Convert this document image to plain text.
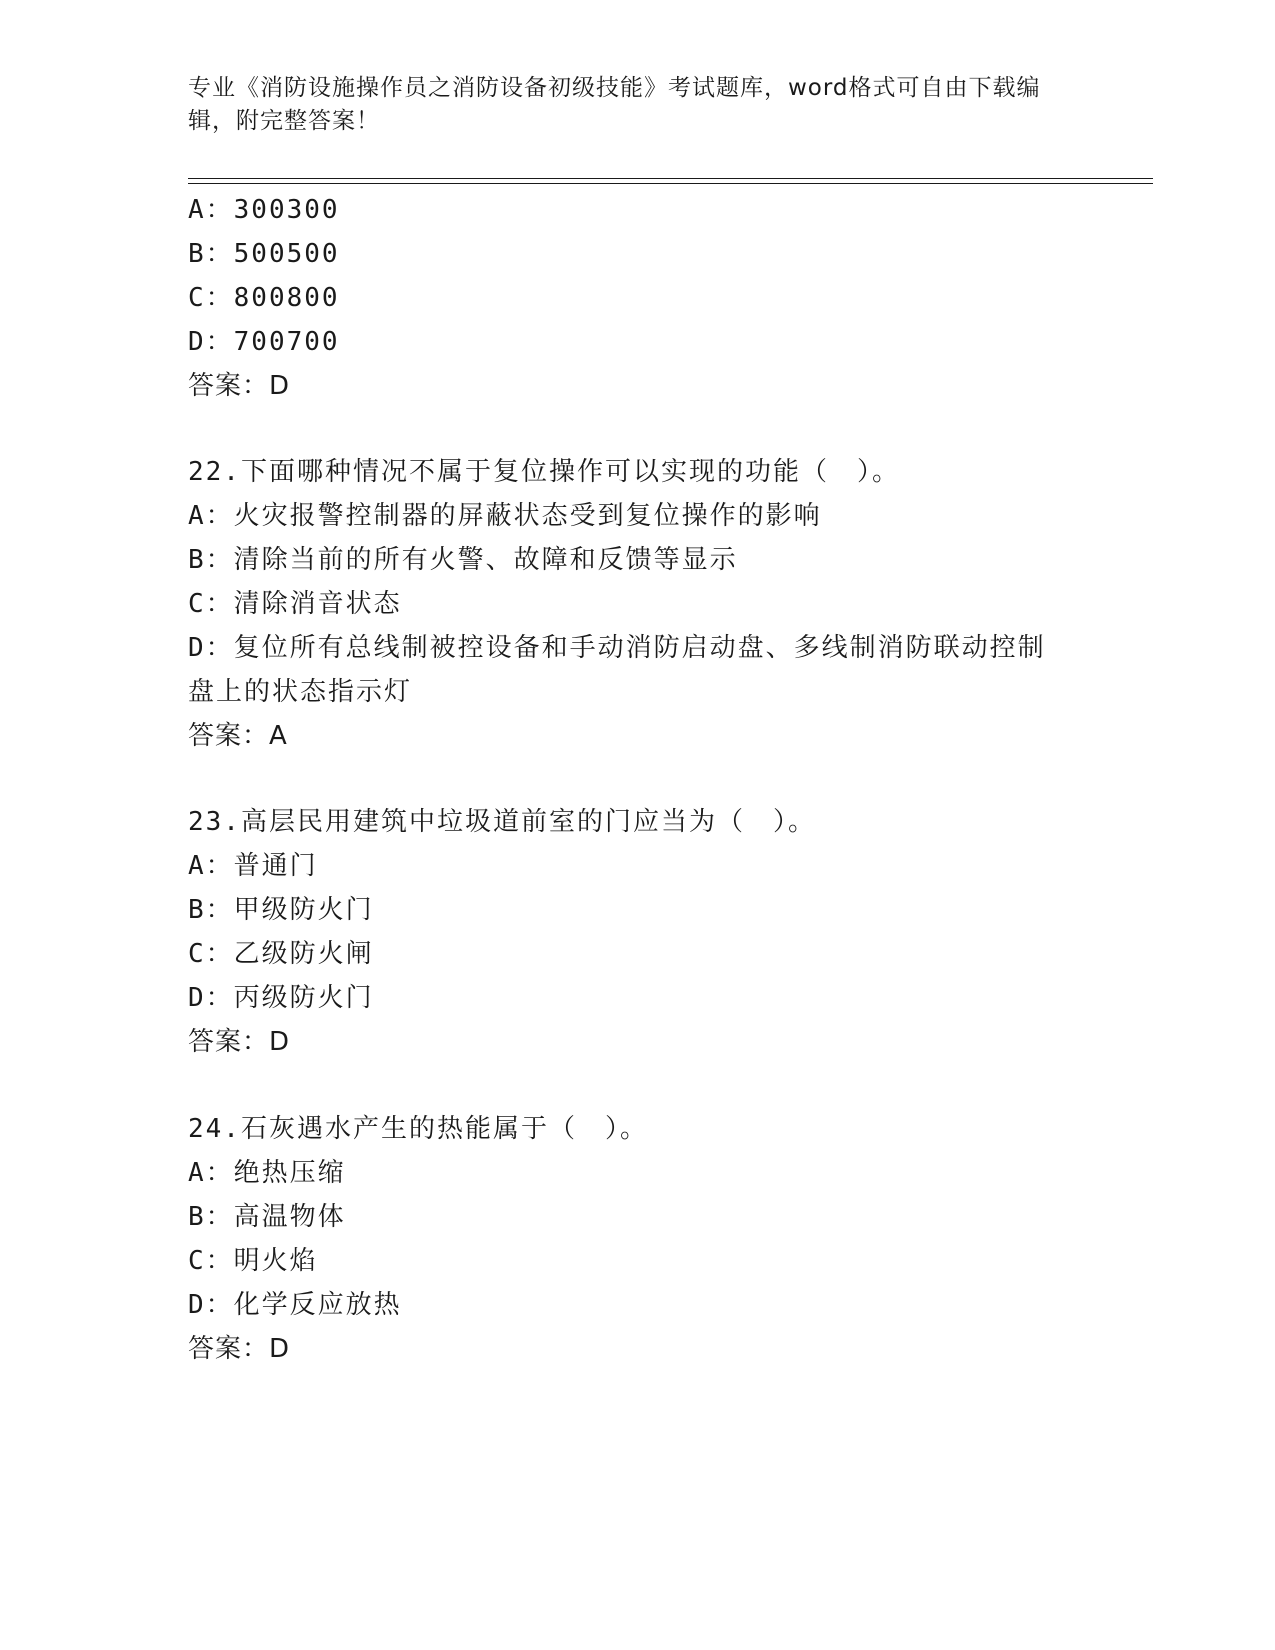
专业《消防设施操作员之消防设备初级技能》考试题库，word格式可自由下载编
辑，附完整答案！
A：300300
B：500500
C：800800
D：700700
答案：D
22.下面哪种情况不属于复位操作可以实现的功能（　）。
A：火灾报警控制器的屏蔽状态受到复位操作的影响
B：清除当前的所有火警、故障和反馈等显示
C：清除消音状态
D：复位所有总线制被控设备和手动消防启动盘、多线制消防联动控制
盘上的状态指示灯
答案：A
23.高层民用建筑中垃圾道前室的门应当为（　）。
A：普通门
B：甲级防火门
C：乙级防火闸
D：丙级防火门
答案：D
24.石灰遇水产生的热能属于（　）。
A：绝热压缩
B：高温物体
C：明火焰
D：化学反应放热
答案：D
